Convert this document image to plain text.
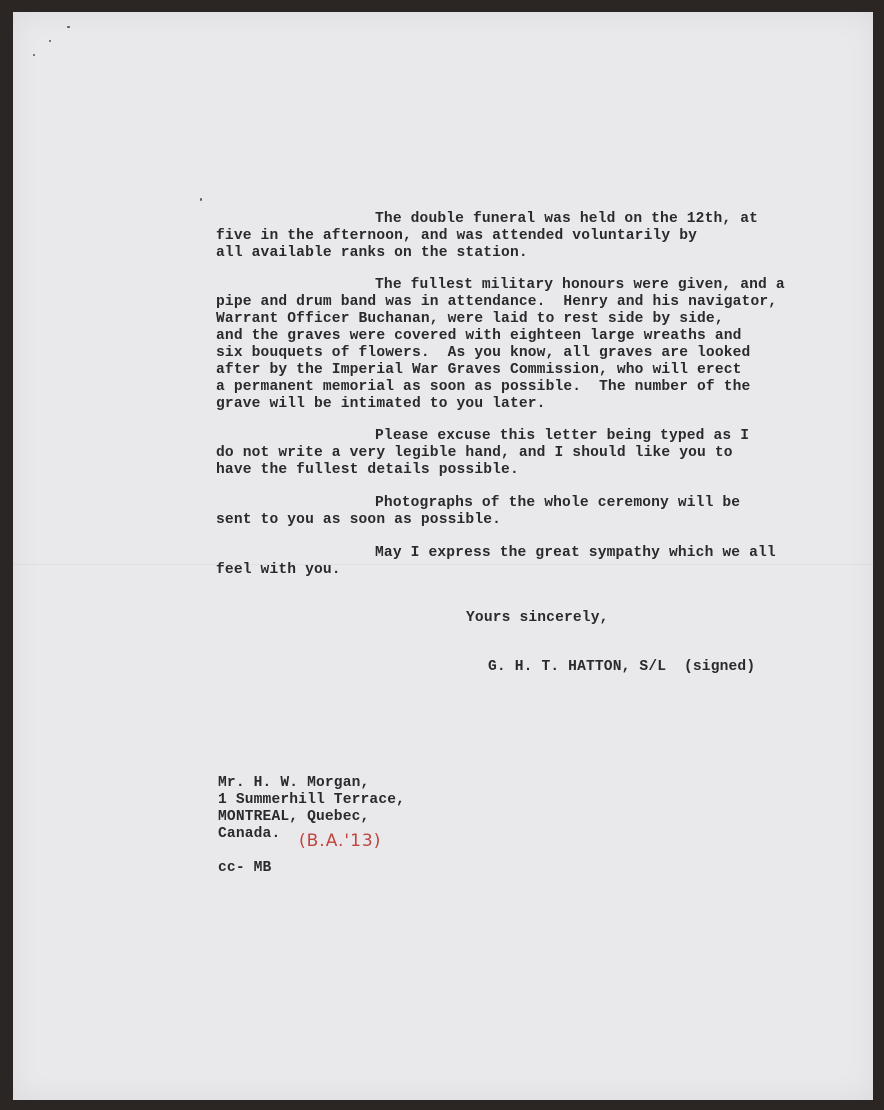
The double funeral was held on the 12th, at
five in the afternoon, and was attended voluntarily by
all available ranks on the station.
The fullest military honours were given, and a
pipe and drum band was in attendance.  Henry and his navigator,
Warrant Officer Buchanan, were laid to rest side by side,
and the graves were covered with eighteen large wreaths and
six bouquets of flowers.  As you know, all graves are looked
after by the Imperial War Graves Commission, who will erect
a permanent memorial as soon as possible.  The number of the
grave will be intimated to you later.
Please excuse this letter being typed as I
do not write a very legible hand, and I should like you to
have the fullest details possible.
Photographs of the whole ceremony will be
sent to you as soon as possible.
May I express the great sympathy which we all
feel with you.
Yours sincerely,
G. H. T. HATTON, S/L  (signed)
Mr. H. W. Morgan,
1 Summerhill Terrace,
MONTREAL, Quebec,
Canada. (B.A.'13)
cc- MB
